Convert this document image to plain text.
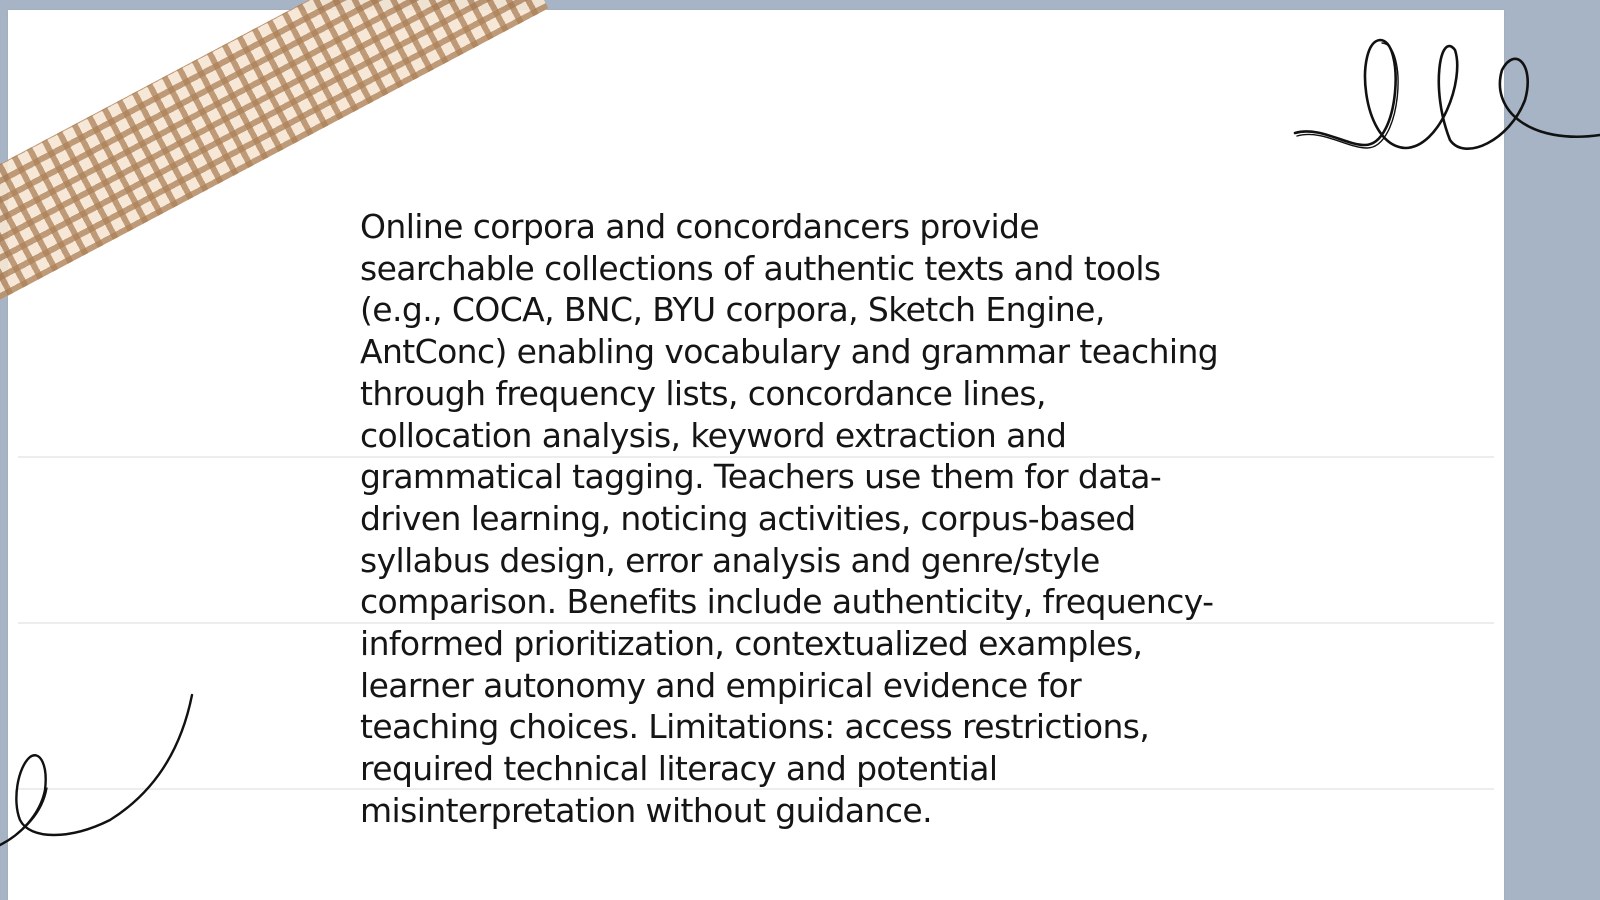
Online corpora and concordancers provide
searchable collections of authentic texts and tools
(e.g., COCA, BNC, BYU corpora, Sketch Engine,
AntConc) enabling vocabulary and grammar teaching
through frequency lists, concordance lines,
collocation analysis, keyword extraction and
grammatical tagging. Teachers use them for data-
driven learning, noticing activities, corpus-based
syllabus design, error analysis and genre/style
comparison. Benefits include authenticity, frequency-
informed prioritization, contextualized examples,
learner autonomy and empirical evidence for
teaching choices. Limitations: access restrictions,
required technical literacy and potential
misinterpretation without guidance.
